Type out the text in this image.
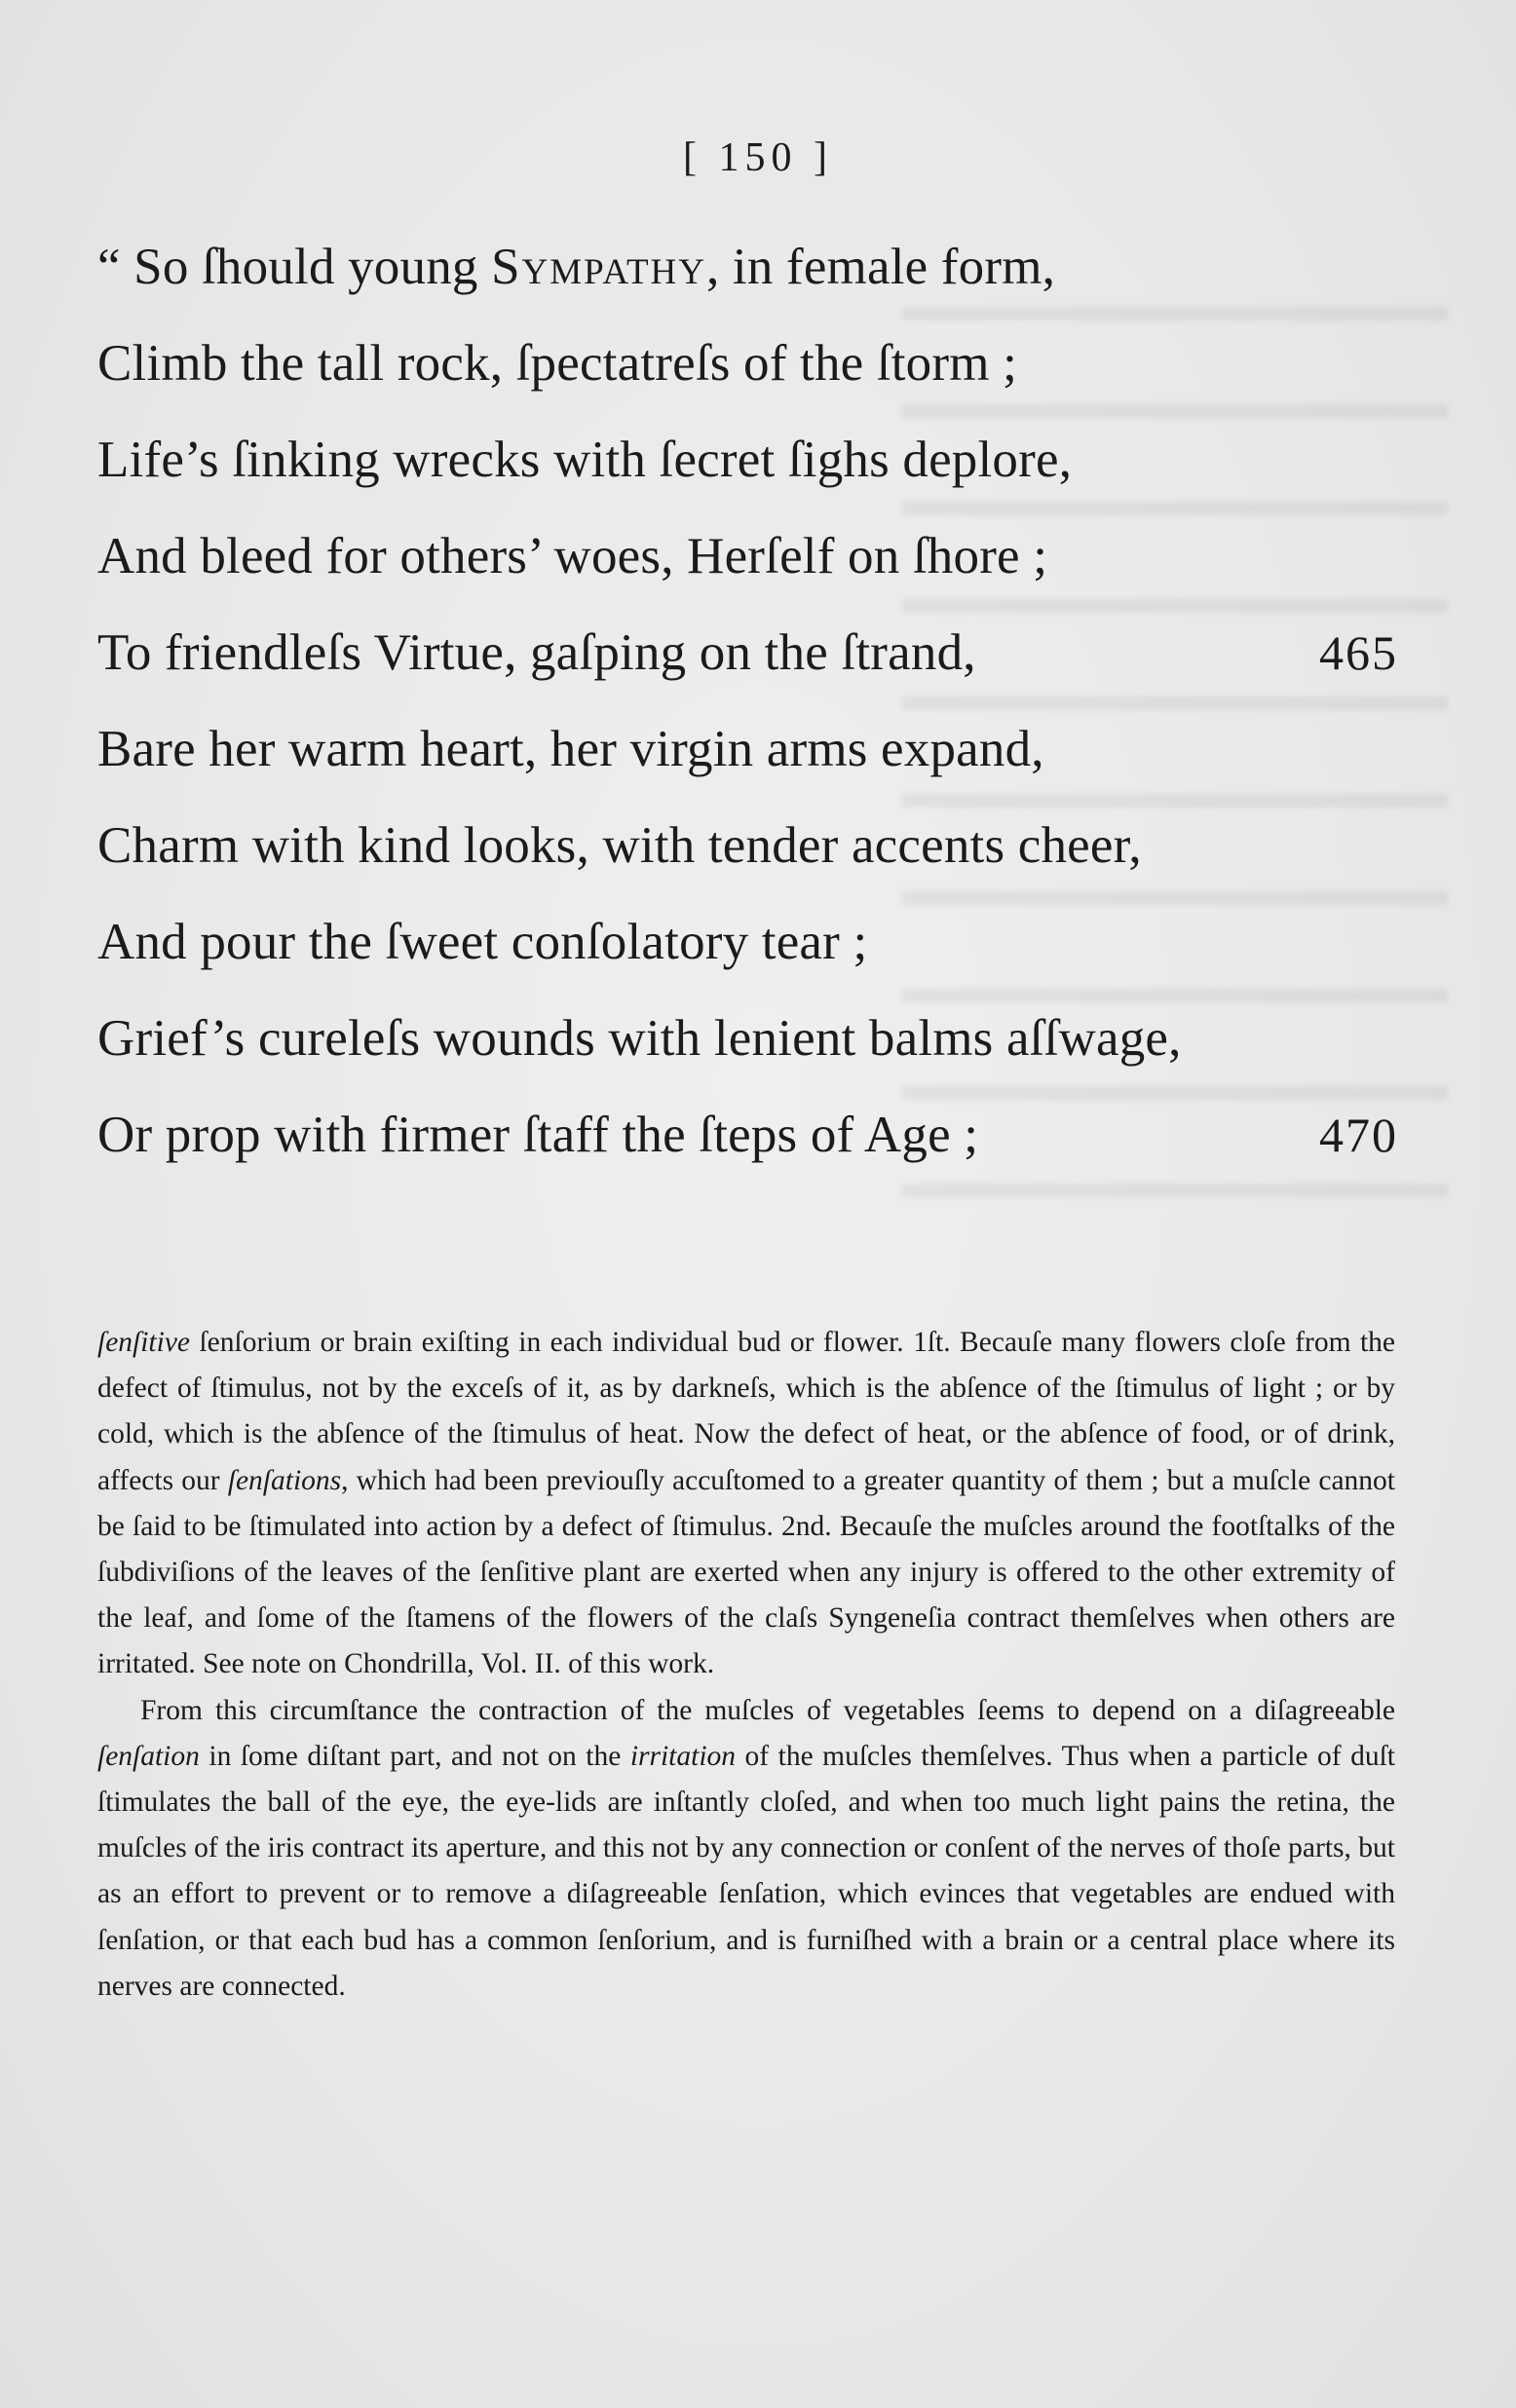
[ 150 ]
“ So ſhould young Sympathy, in female form,
Climb the tall rock, ſpectatreſs of the ſtorm ;
Life’s ſinking wrecks with ſecret ſighs deplore,
And bleed for others’ woes, Herſelf on ſhore ;
To friendleſs Virtue, gaſping on the ſtrand,	465
Bare her warm heart, her virgin arms expand,
Charm with kind looks, with tender accents cheer,
And pour the ſweet conſolatory tear ;
Grief’s cureleſs wounds with lenient balms aſſwage,
Or prop with firmer ſtaff the ſteps of Age ;	470

ſenſitive ſenſorium or brain exiſting in each individual bud or flower. 1ſt. Becauſe many flowers cloſe from the defect of ſtimulus, not by the exceſs of it, as by darkneſs, which is the abſence of the ſtimulus of light ; or by cold, which is the abſence of the ſtimulus of heat. Now the defect of heat, or the abſence of food, or of drink, affects our ſenſations, which had been previouſly accuſtomed to a greater quantity of them ; but a muſcle cannot be ſaid to be ſtimulated into action by a defect of ſtimulus. 2nd. Becauſe the muſcles around the footſtalks of the ſubdiviſions of the leaves of the ſenſitive plant are exerted when any injury is offered to the other extremity of the leaf, and ſome of the ſtamens of the flowers of the claſs Syngeneſia contract themſelves when others are irritated. See note on Chondrilla, Vol. II. of this work.

From this circumſtance the contraction of the muſcles of vegetables ſeems to depend on a diſagreeable ſenſation in ſome diſtant part, and not on the irritation of the muſcles themſelves. Thus when a particle of duſt ſtimulates the ball of the eye, the eye-lids are inſtantly cloſed, and when too much light pains the retina, the muſcles of the iris contract its aperture, and this not by any connection or conſent of the nerves of thoſe parts, but as an effort to prevent or to remove a diſagreeable ſenſation, which evinces that vegetables are endued with ſenſation, or that each bud has a common ſenſorium, and is furniſhed with a brain or a central place where its nerves are connected.
